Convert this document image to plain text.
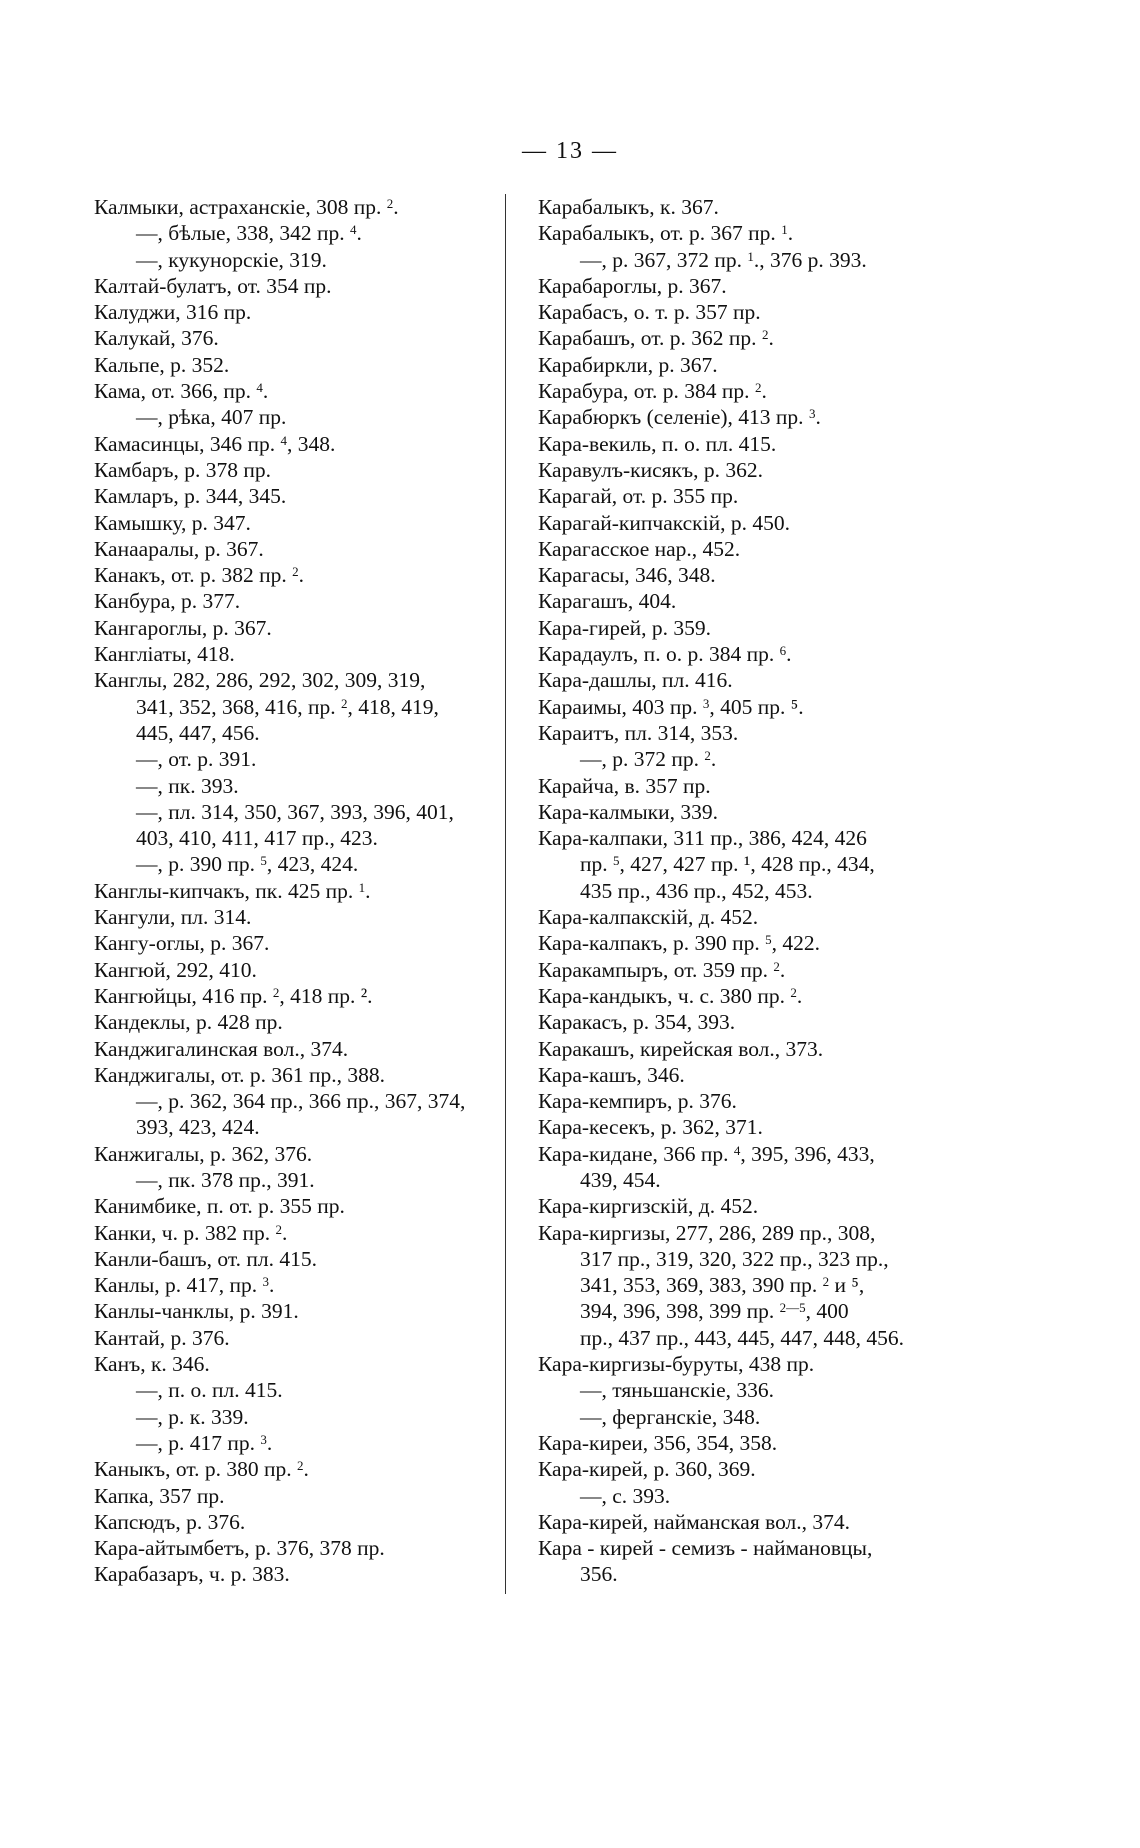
— 13 —
Калмыки, астраханскіе, 308 пр. $^2$.
—, бѣлые, 338, 342 пр. $^4$.
—, кукунорскіе, 319.
Калтай-булатъ, от. 354 пр.
Калуджи, 316 пр.
Калукай, 376.
Кальпе, р. 352.
Кама, от. 366, пр. $^4$.
—, рѣка, 407 пр.
Камасинцы, 346 пр. $^4$, 348.
Камбаръ, р. 378 пр.
Камларъ, р. 344, 345.
Камышку, р. 347.
Канааралы, р. 367.
Канакъ, от. р. 382 пр. $^2$.
Канбура, р. 377.
Кангароглы, р. 367.
Кангліаты, 418.
Канглы, 282, 286, 292, 302, 309, 319,
341, 352, 368, 416, пр. $^2$, 418, 419,
445, 447, 456.
—, от. р. 391.
—, пк. 393.
—, пл. 314, 350, 367, 393, 396, 401,
403, 410, 411, 417 пр., 423.
—, р. 390 пр. $^5$, 423, 424.
Канглы-кипчакъ, пк. 425 пр. $^1$.
Кангули, пл. 314.
Кангу-оглы, р. 367.
Кангюй, 292, 410.
Кангюйцы, 416 пр. $^2$, 418 пр. ².
Кандеклы, р. 428 пр.
Канджигалинская вол., 374.
Канджигалы, от. р. 361 пр., 388.
—, р. 362, 364 пр., 366 пр., 367, 374,
393, 423, 424.
Канжигалы, р. 362, 376.
—, пк. 378 пр., 391.
Канимбике, п. от. р. 355 пр.
Канки, ч. р. 382 пр. $^2$.
Канли-башъ, от. пл. 415.
Канлы, р. 417, пр. $^3$.
Канлы-чанклы, р. 391.
Кантай, р. 376.
Канъ, к. 346.
—, п. о. пл. 415.
—, р. к. 339.
—, р. 417 пр. $^3$.
Каныкъ, от. р. 380 пр. $^2$.
Капка, 357 пр.
Капсюдъ, р. 376.
Кара-айтымбетъ, р. 376, 378 пр.
Карабазаръ, ч. р. 383.
Карабалыкъ, к. 367.
Карабалыкъ, от. р. 367 пр. $^1$.
—, р. 367, 372 пр. $^1$., 376 р. 393.
Карабароглы, р. 367.
Карабасъ, о. т. р. 357 пр.
Карабашъ, от. р. 362 пр. $^2$.
Карабиркли, р. 367.
Карабура, от. р. 384 пр. $^2$.
Карабюркъ (селеніе), 413 пр. $^3$.
Кара-векиль, п. о. пл. 415.
Каравулъ-кисякъ, р. 362.
Карагай, от. р. 355 пр.
Карагай-кипчакскій, р. 450.
Карагасское нар., 452.
Карагасы, 346, 348.
Карагашъ, 404.
Кара-гирей, р. 359.
Карадаулъ, п. о. р. 384 пр. $^6$.
Кара-дашлы, пл. 416.
Караимы, 403 пр. $^3$, 405 пр. ⁵.
Караитъ, пл. 314, 353.
—, р. 372 пр. $^2$.
Карайча, в. 357 пр.
Кара-калмыки, 339.
Кара-калпаки, 311 пр., 386, 424, 426
пр. $^5$, 427, 427 пр. ¹, 428 пр., 434,
435 пр., 436 пр., 452, 453.
Кара-калпакскій, д. 452.
Кара-калпакъ, р. 390 пр. $^5$, 422.
Каракампыръ, от. 359 пр. $^2$.
Кара-кандыкъ, ч. с. 380 пр. $^2$.
Каракасъ, р. 354, 393.
Каракашъ, кирейская вол., 373.
Кара-кашъ, 346.
Кара-кемпиръ, р. 376.
Кара-кесекъ, р. 362, 371.
Кара-кидане, 366 пр. $^4$, 395, 396, 433,
439, 454.
Кара-киргизскій, д. 452.
Кара-киргизы, 277, 286, 289 пр., 308,
317 пр., 319, 320, 322 пр., 323 пр.,
341, 353, 369, 383, 390 пр. $^2$ и ⁵,
394, 396, 398, 399 пр. $^{2—5}$, 400
пр., 437 пр., 443, 445, 447, 448, 456.
Кара-киргизы-буруты, 438 пр.
—, тяньшанскіе, 336.
—, ферганскіе, 348.
Кара-киреи, 356, 354, 358.
Кара-кирей, р. 360, 369.
—, с. 393.
Кара-кирей, найманская вол., 374.
Кара - кирей - семизъ - наймановцы,
356.
